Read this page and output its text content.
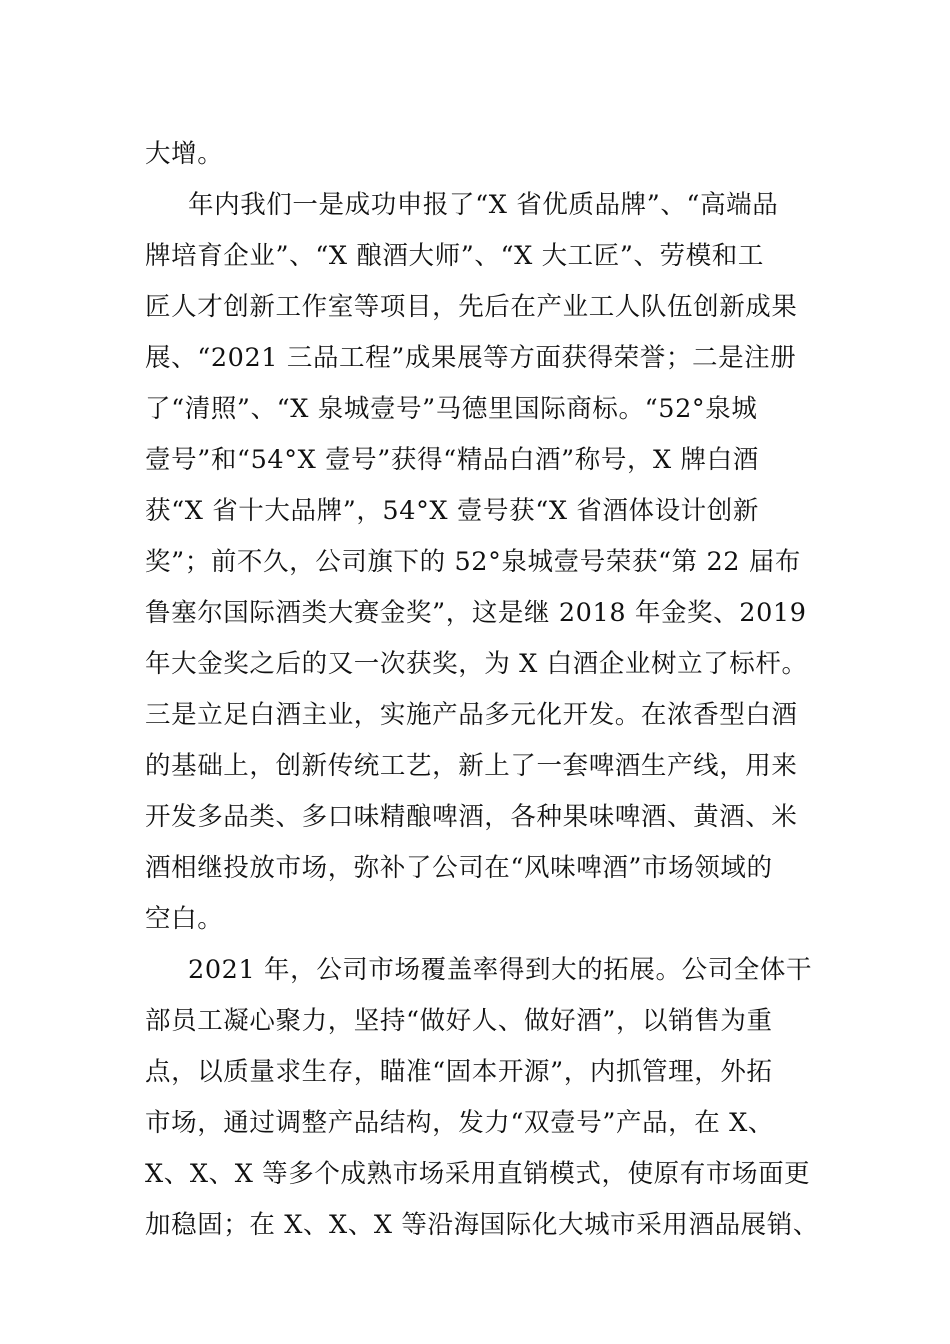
大增。
年内我们一是成功申报了“X 省优质品牌”、“高端品
牌培育企业”、“X 酿酒大师”、“X 大工匠”、劳模和工
匠人才创新工作室等项目，先后在产业工人队伍创新成果
展、“2021 三品工程”成果展等方面获得荣誉；二是注册
了“清照”、“X 泉城壹号”马德里国际商标。“52°泉城
壹号”和“54°X 壹号”获得“精品白酒”称号，X 牌白酒
获“X 省十大品牌”，54°X 壹号获“X 省酒体设计创新
奖”；前不久，公司旗下的 52°泉城壹号荣获“第 22 届布
鲁塞尔国际酒类大赛金奖”，这是继 2018 年金奖、2019
年大金奖之后的又一次获奖，为 X 白酒企业树立了标杆。
三是立足白酒主业，实施产品多元化开发。在浓香型白酒
的基础上，创新传统工艺，新上了一套啤酒生产线，用来
开发多品类、多口味精酿啤酒，各种果味啤酒、黄酒、米
酒相继投放市场，弥补了公司在“风味啤酒”市场领域的
空白。
2021 年，公司市场覆盖率得到大的拓展。公司全体干
部员工凝心聚力，坚持“做好人、做好酒”，以销售为重
点，以质量求生存，瞄准“固本开源”，内抓管理，外拓
市场，通过调整产品结构，发力“双壹号”产品，在 X、
X、X、X 等多个成熟市场采用直销模式，使原有市场面更
加稳固；在 X、X、X 等沿海国际化大城市采用酒品展销、
